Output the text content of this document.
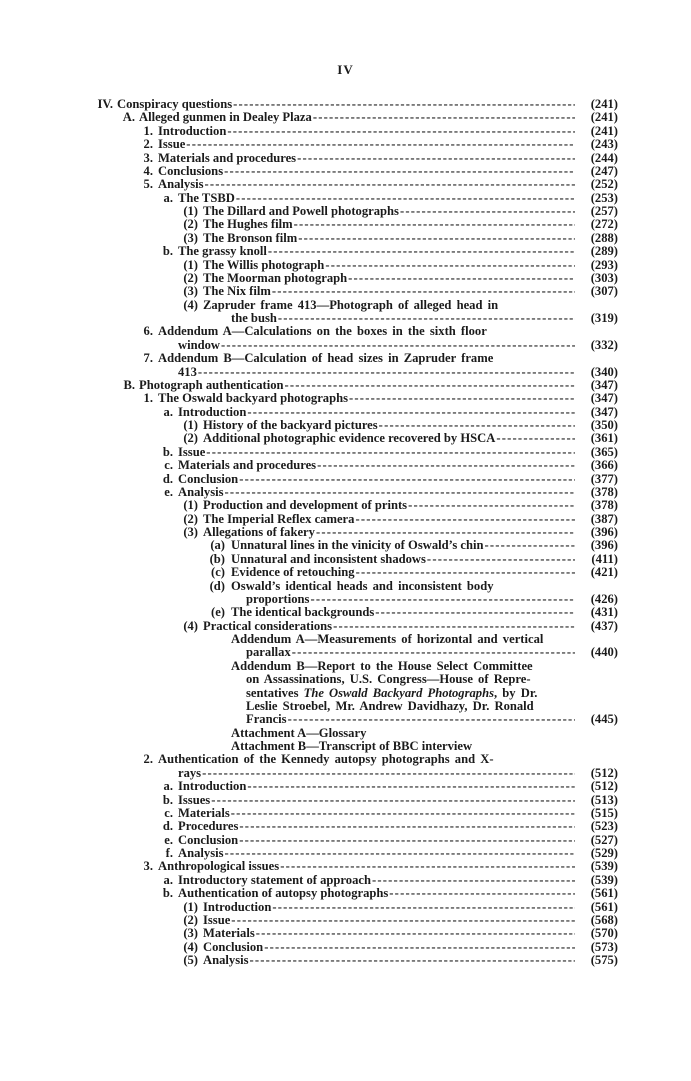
IV
IV. Conspiracy questions -----	(241)
A. Alleged gunmen in Dealey Plaza -----	(241)
1. Introduction -----	(241)
2. Issue -----	(243)
3. Materials and procedures -----	(244)
4. Conclusions -----	(247)
5. Analysis -----	(252)
a. The TSBD -----	(253)
(1) The Dillard and Powell photographs -----	(257)
(2) The Hughes film -----	(272)
(3) The Bronson film -----	(288)
b. The grassy knoll -----	(289)
(1) The Willis photograph -----	(293)
(2) The Moorman photograph -----	(303)
(3) The Nix film -----	(307)
(4) Zapruder frame 413—Photograph of alleged head in
the bush -----	(319)
6. Addendum A—Calculations on the boxes in the sixth floor
window -----	(332)
7. Addendum B—Calculation of head sizes in Zapruder frame
413 -----	(340)
B. Photograph authentication -----	(347)
1. The Oswald backyard photographs -----	(347)
a. Introduction -----	(347)
(1) History of the backyard pictures -----	(350)
(2) Additional photographic evidence recovered by HSCA -----	(361)
b. Issue -----	(365)
c. Materials and procedures -----	(366)
d. Conclusion -----	(377)
e. Analysis -----	(378)
(1) Production and development of prints -----	(378)
(2) The Imperial Reflex camera -----	(387)
(3) Allegations of fakery -----	(396)
(a) Unnatural lines in the vinicity of Oswald’s chin -----	(396)
(b) Unnatural and inconsistent shadows -----	(411)
(c) Evidence of retouching -----	(421)
(d) Oswald’s identical heads and inconsistent body
proportions -----	(426)
(e) The identical backgrounds -----	(431)
(4) Practical considerations -----	(437)
Addendum A—Measurements of horizontal and vertical
parallax -----	(440)
Addendum B—Report to the House Select Committee
on Assassinations, U.S. Congress—House of Repre-
sentatives The Oswald Backyard Photographs, by Dr.
Leslie Stroebel, Mr. Andrew Davidhazy, Dr. Ronald
Francis -----	(445)
Attachment A—Glossary
Attachment B—Transcript of BBC interview
2. Authentication of the Kennedy autopsy photographs and X-
rays -----	(512)
a. Introduction -----	(512)
b. Issues -----	(513)
c. Materials -----	(515)
d. Procedures -----	(523)
e. Conclusion -----	(527)
f. Analysis -----	(529)
3. Anthropological issues -----	(539)
a. Introductory statement of approach -----	(539)
b. Authentication of autopsy photographs -----	(561)
(1) Introduction -----	(561)
(2) Issue -----	(568)
(3) Materials -----	(570)
(4) Conclusion -----	(573)
(5) Analysis -----	(575)
